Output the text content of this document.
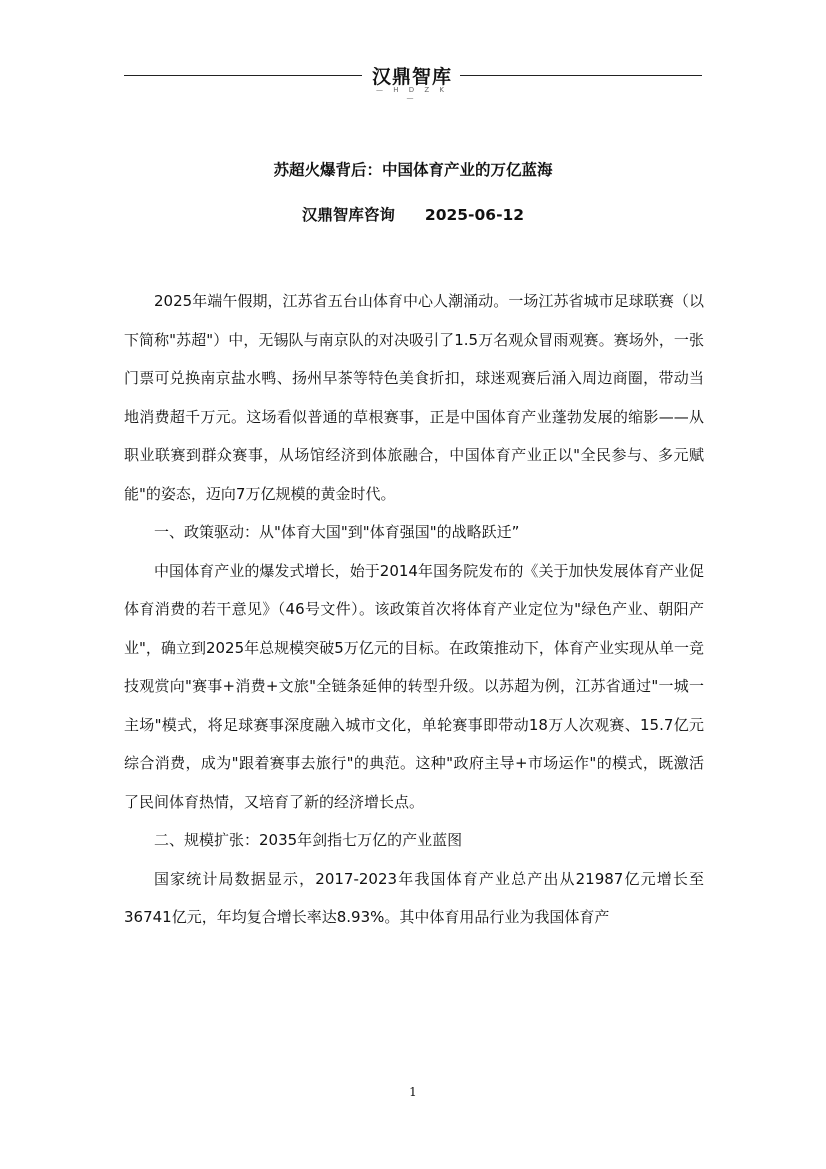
汉鼎智库
— H D Z K —
苏超火爆背后：中国体育产业的万亿蓝海
汉鼎智库咨询 2025-06-12

2025年端午假期，江苏省五台山体育中心人潮涌动。一场江苏省城市足球联赛（以下简称"苏超"）中，无锡队与南京队的对决吸引了1.5万名观众冒雨观赛。赛场外，一张门票可兑换南京盐水鸭、扬州早茶等特色美食折扣，球迷观赛后涌入周边商圈，带动当地消费超千万元。这场看似普通的草根赛事，正是中国体育产业蓬勃发展的缩影——从职业联赛到群众赛事，从场馆经济到体旅融合，中国体育产业正以"全民参与、多元赋能"的姿态，迈向7万亿规模的黄金时代。

一、政策驱动：从"体育大国"到"体育强国"的战略跃迁”

中国体育产业的爆发式增长，始于2014年国务院发布的《关于加快发展体育产业促体育消费的若干意见》（46号文件）。该政策首次将体育产业定位为"绿色产业、朝阳产业"，确立到2025年总规模突破5万亿元的目标。在政策推动下，体育产业实现从单一竞技观赏向"赛事+消费+文旅"全链条延伸的转型升级。以苏超为例，江苏省通过"一城一主场"模式，将足球赛事深度融入城市文化，单轮赛事即带动18万人次观赛、15.7亿元综合消费，成为"跟着赛事去旅行"的典范。这种"政府主导+市场运作"的模式，既激活了民间体育热情，又培育了新的经济增长点。

二、规模扩张：2035年剑指七万亿的产业蓝图

国家统计局数据显示，2017-2023年我国体育产业总产出从21987亿元增长至36741亿元，年均复合增长率达8.93%。其中体育用品行业为我国体育产

1
